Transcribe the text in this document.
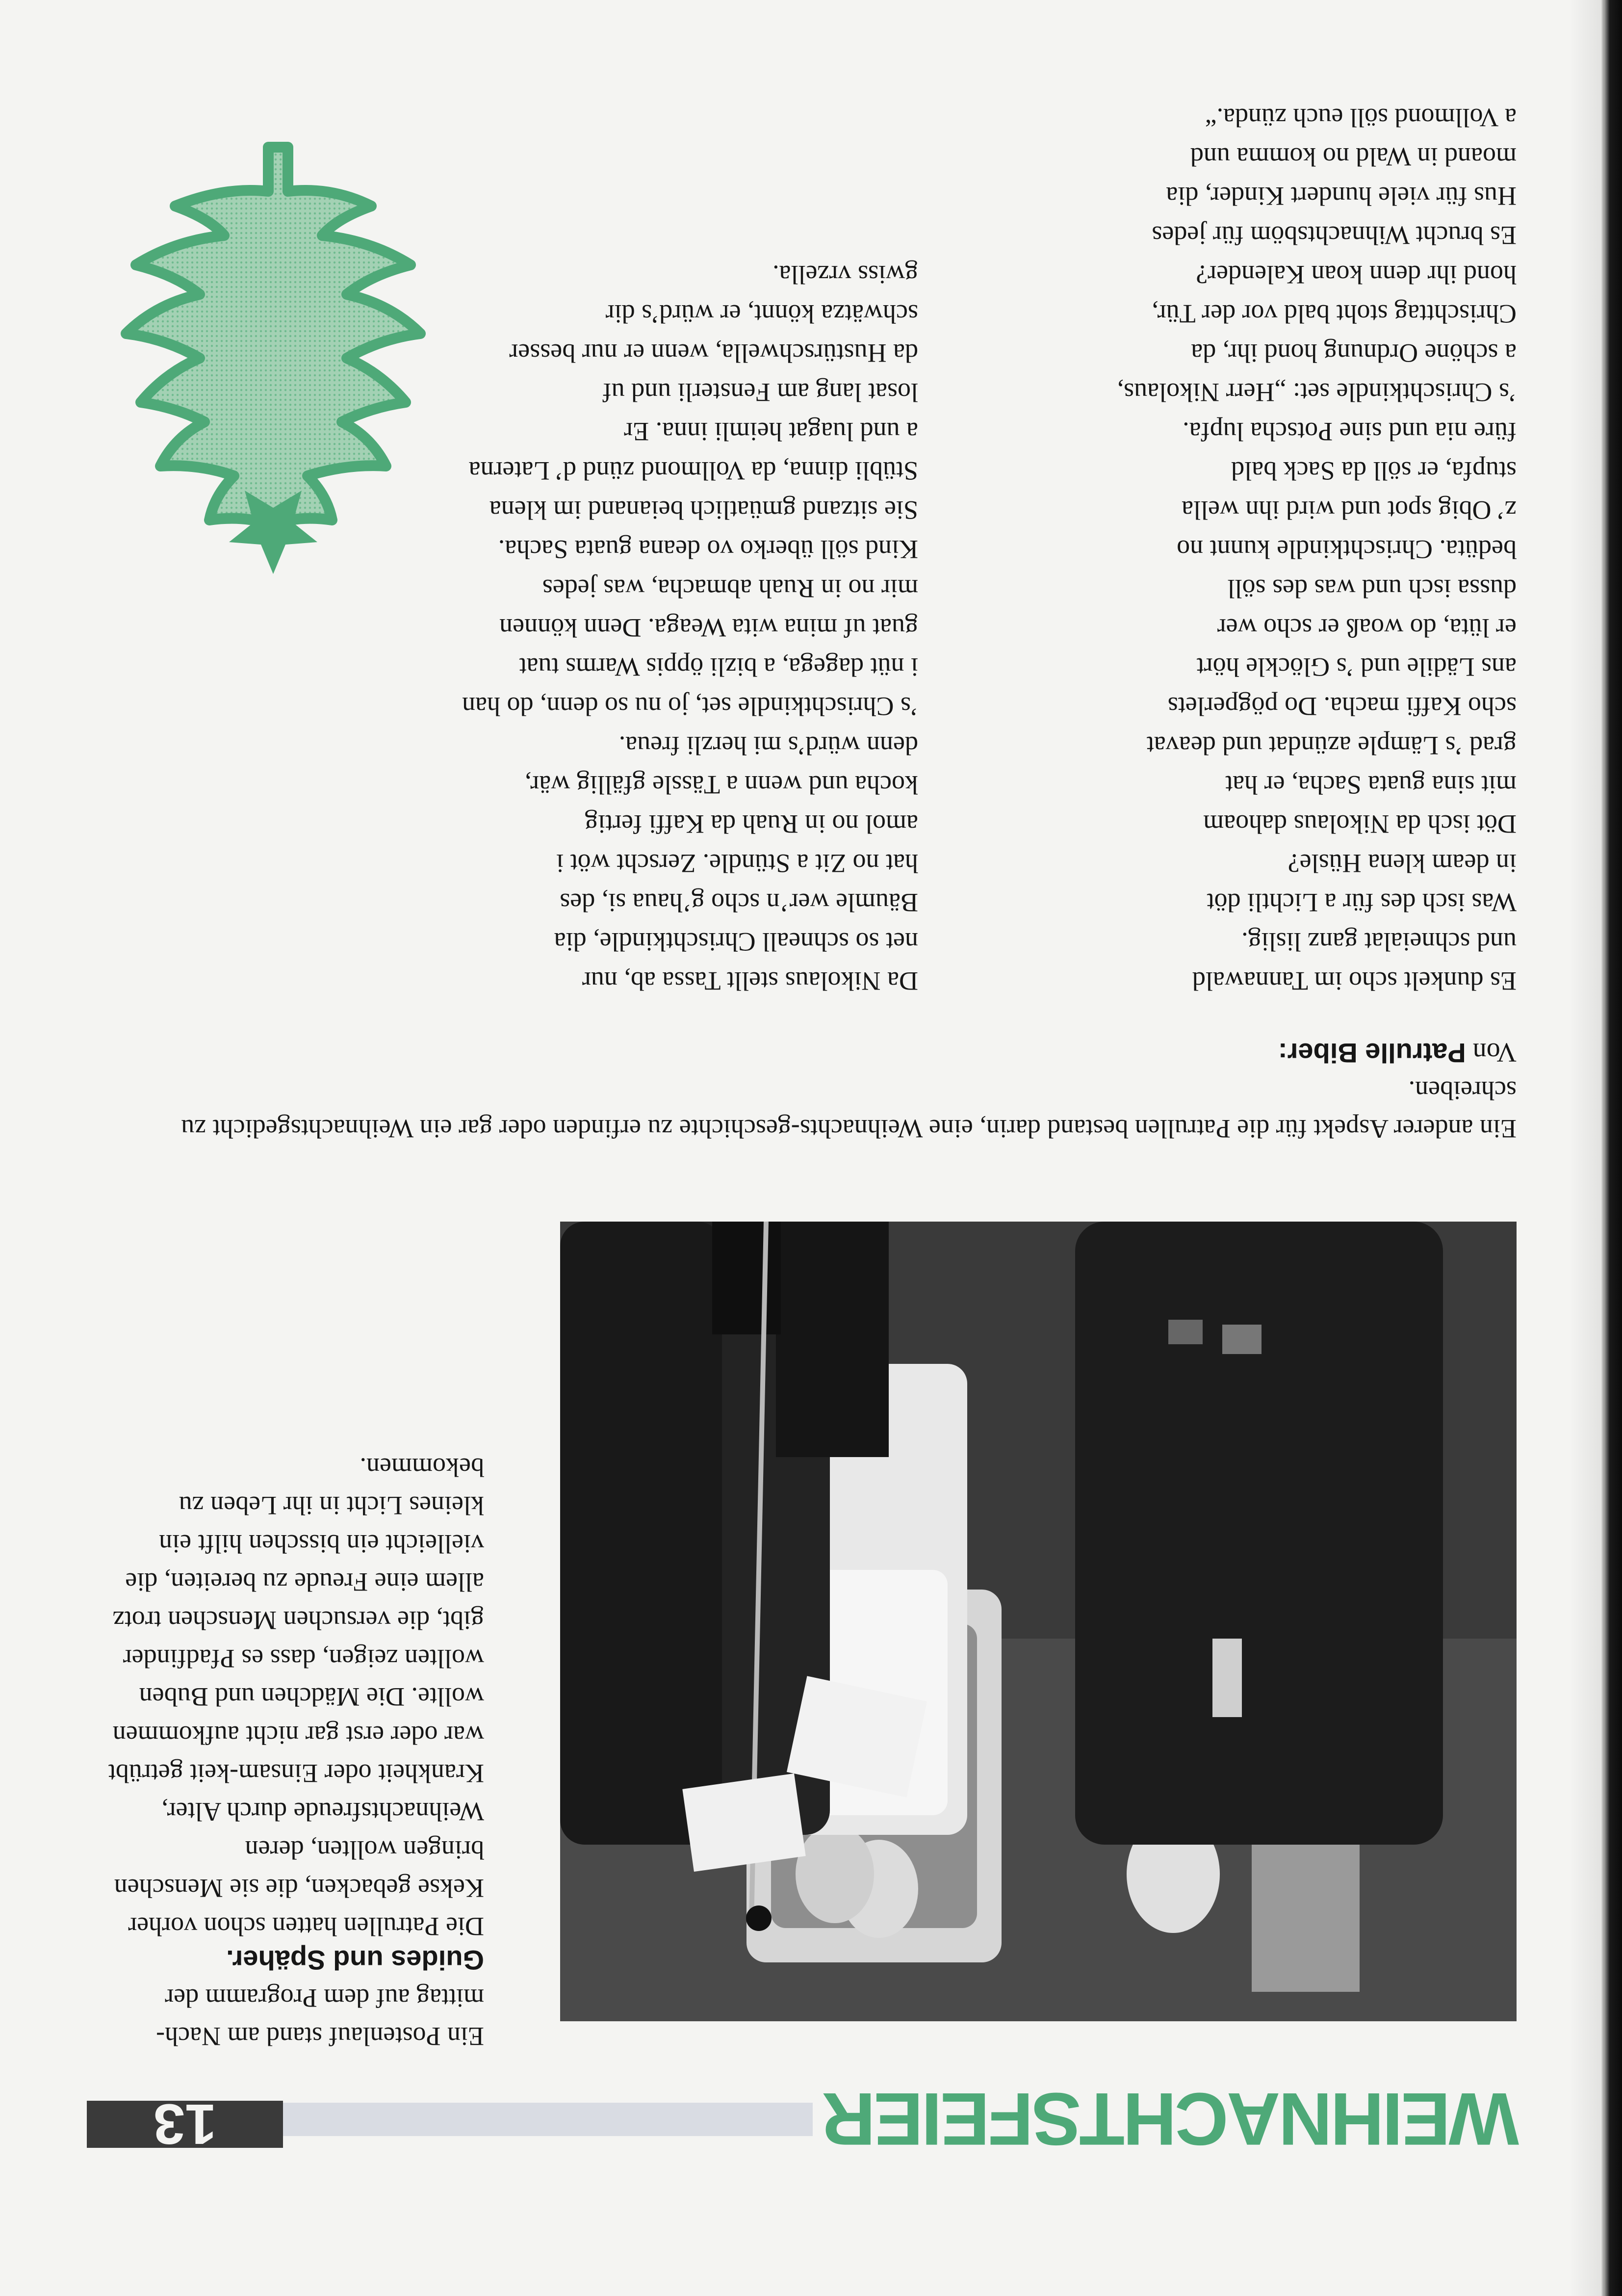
WEIHNACHTSFEIER

13

Ein Postenlauf stand am Nach-mittag auf dem Programm der
Guides und Späher.

Die Patrullen hatten schon vorher Kekse gebacken, die sie Menschen bringen wollten, deren Weihnachtsfreude durch Alter, Krankheit oder Einsam-keit getrübt war oder erst gar nicht aufkommen wollte. Die Mädchen und Buben wollten zeigen, dass es Pfadfinder gibt, die versuchen Menschen trotz allem eine Freude zu bereiten, die vielleicht ein bisschen hilft ein kleines Licht in ihr Leben zu bekommen.

Ein anderer Aspekt für die Patrullen bestand darin, eine Weihnachts-geschichte zu erfinden oder gar ein Weihnachtsgedicht zu schreiben.

Von Patrulle Biber:

Es dunkelt scho im Tannawald
und schneialat ganz lislig.
Was isch des für a Lichtli döt
in deam klena Hüsle?
Döt isch da Nikolaus dahoam
mit sina guata Sacha, er hat
grad ’s Lämple azündat und deavat
scho Kaffi macha. Do pögperlets
ans Lädile und ’s Glöckle hört
er lüta, do woaß er scho wer
dussa isch und was des söll
bedüta. Chrischtkindle kunnt no
z’ Obig spot und wird ihn wella
stupfa, er söll da Sack bald
füre nia und sine Potscha lupfa.
’s Chrischtkindle set: „Herr Nikolaus,
a schöne Ordnung hond ihr, da
Chrischttag stoht bald vor der Tür,
hond ihr denn koan Kalender?
Es brucht Wihnachtsböm für jedes
Hus für viele hundert Kinder, dia
moand in Wald no komma und
a Vollmond söll euch zünda.“

Da Nikolaus stellt Tassa ab, nur
net so schneall Chrischtkindle, dia
Bäumle wer’n scho g’haua si, des
hat no Zit a Stündle. Zerscht wöt i
amol no in Ruah da Kaffi fertig
kocha und wenn a Tässle gfällig wär,
denn würd’s mi herzli freua.
’s Chrischtkindle set, jo nu so denn, do han
i nüt dagega, a bizli öppis Warms tuat
guat uf mina wita Weaga. Denn können
mir no in Ruah abmacha, was jedes
Kind söll überko vo deana guata Sacha.
Sie sitzand gmüatlich beianand im klena
Stübli dinna, da Vollmond zünd d’ Laterna
a und luagat heimli inna. Er
losat lang am Fensterli und uf
da Hustürschwella, wenn er nur besser
schwätza könnt, er würd’s dir
gwiss vrzella.
